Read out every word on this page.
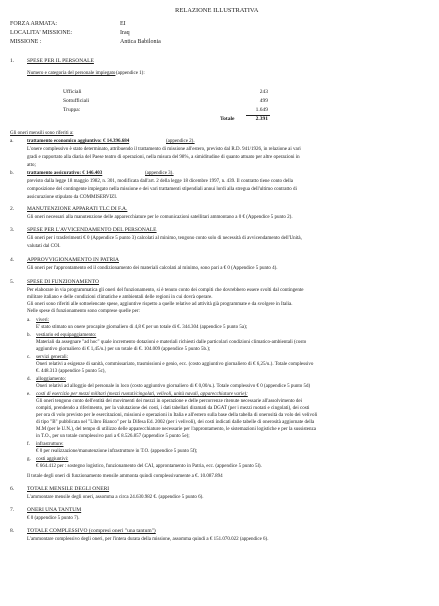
RELAZIONE ILLUSTRATIVA
FORZA ARMATA:	EI
LOCALITA' MISSIONE:	Iraq
MISSIONE :	Antica Babilonia
1. SPESE PER IL PERSONALE
Numero e categoria del personale impiegato (appendice 1):
Ufficiali	243
Sottufficiali	499
Truppa:	1.649
Totale	2.391
Gli oneri mensili sono riferiti a:
a.	trattamento economico aggiuntivo: € 14.396.684	(appendice 2).
L'onere complessivo è stato determinato, attribuendo il trattamento di missione all'estero, previsto dal R.D. 941/1926, in relazione ai vari
gradi e rapportato alla diaria del Paese teatro di operazioni, nella misura del 98%, a simiditudine di quanto attuato per altre operazioni in
atto;
b.	trattamento assicurativo: € 146.403	(appendice 3).
previsto dalla legge 18 maggio 1982, n. 301, modificata dall'art. 2 della legge 18 dicembre 1997, n. 439. Il contratto tiene conto della
composizione del contingente impiegato nella missione e dei vari trattamenti stipendiali annui lordi alla stregua dell'ultimo contratto di
assicurazione stipulato da COMMISERVIZI.
2. MANUTENZIONE APPARATI TLC DI F.A.
Gli oneri necessari alla manutenzione delle apparecchiature per le comunicazioni satellitari ammontano a 0 € (Appendice 5 punto 2).
3. SPESE PER L'AVVICENDAMENTO DEL PERSONALE
Gli oneri per i trasferimenti € 0 (Appendice 5 punto 3) calcolati al minimo, tengono conto solo di necessità di avvicendamento dell'Unità,
valutati dal COI.
4. APPROVVIGIONAMENTO IN PATRIA
Gli oneri per l'approntamento ed il condizionamento dei materiali calcolati al minimo, sono pari a € 0 (Appendice 5 punto 4).
5. SPESE DI FUNZIONAMENTO
Per elaborare in via programmatica gli oneri del funzionamento, si è tenuto conto dei compiti che dovrebbero essere svolti dal contingente
militare italiano e delle condizioni climatiche e ambientali delle regioni in cui dovrà operare.
Gli oneri sono riferiti alle sottoelencate spese, aggiuntive rispetto a quelle relative ad attività già programmate e da svolgere in Italia.
Nelle spese di funzionamento sono comprese quelle per:
a. viveri:
E' stato stimato un onere procapite giornaliero di 4,8 € per un totale di €. 344.304 (appendice 5 punto 5a);
b. vestiario ed equipaggiamento:
Materiali da assegnare "ad hoc" quale incremento dotazioni e materiali richiesti dalle particolari condizioni climatico-ambientali (costo
aggiuntivo giornaliero di € 1,45/u.) per un totale di €. 104.009 (appendice 5 punto 5b.);
c. servizi generali:
Oneri relativi a esigenze di sanità, commissariato, trasmissioni e genio, ecc. (costo aggiuntivo giornaliero di € 6,25/u.). Totale complessivo
€. 448.313 (appendice 5 punto 5c),
d. alloggiamento:
Oneri relativi ad alloggio del personale in loco (costo aggiuntivo giornaliero di € 0,00/u.). Totale complessivo € 0 (appendice 5 punto 5d)
e. costi di esercizio per mezzi militari (mezzi ruotati/cingolati, velivoli, unità navali, apparecchiature varie):
Gli oneri tengono conto dell'entità dei movimenti dei mezzi in operazione e delle percorrenze ritenute necessarie all'assolvimento dei
compiti, prendendo a riferimento, per la valutazione dei costi, i dati tabellari diramati da DGAT (per i mezzi ruotati e cingolati), dei costi
per ora di volo previsto per le esercitazioni, missioni e operazioni in Italia e all'estero sulla base della tabella di onerosità da volo dei velivoli
di tipo "B" pubblicata nel "Libro Bianco" per la Difesa Ed. 2002 (per i velivoli), dei costi indicati dalle tabelle di onerosità aggiornate della
M.M (per le U.N.), del tempo di utilizzo delle apparecchiature necessarie per l'approntamento, le sistemazioni logistiche e per la sussistenza
in T.O., per un totale complessivo pari a € 8.526.857 (appendice 5 punto 5e);
f. infrastrutture:
€ 0 per realizzazione/manutenzione infrastrutture in T.O. (appendice 5 punto 5f);
g. costi aggiuntivi:
€ 664.412 per : sostegno logistico, funzionamento del CAI, approntamento in Patria, ecc. (appendice 5 punto 5l).
Il totale degli oneri di funzionamento mensile ammonta quindi complessivamente a €. 10.087.894
6. TOTALE MENSILE DEGLI ONERI
L'ammontare mensile degli oneri, assomma a circa 24.630.982 €. (appendice 5 punto 6).
7. ONERI UNA TANTUM
€ 0 (appendice 5 punto 7).
8. TOTALE COMPLESSIVO (compresi oneri "una tantum")
L'ammontare complessivo degli oneri, per l'intera durata della missione, assomma quindi a € 151.070.022 (appendice 6).
